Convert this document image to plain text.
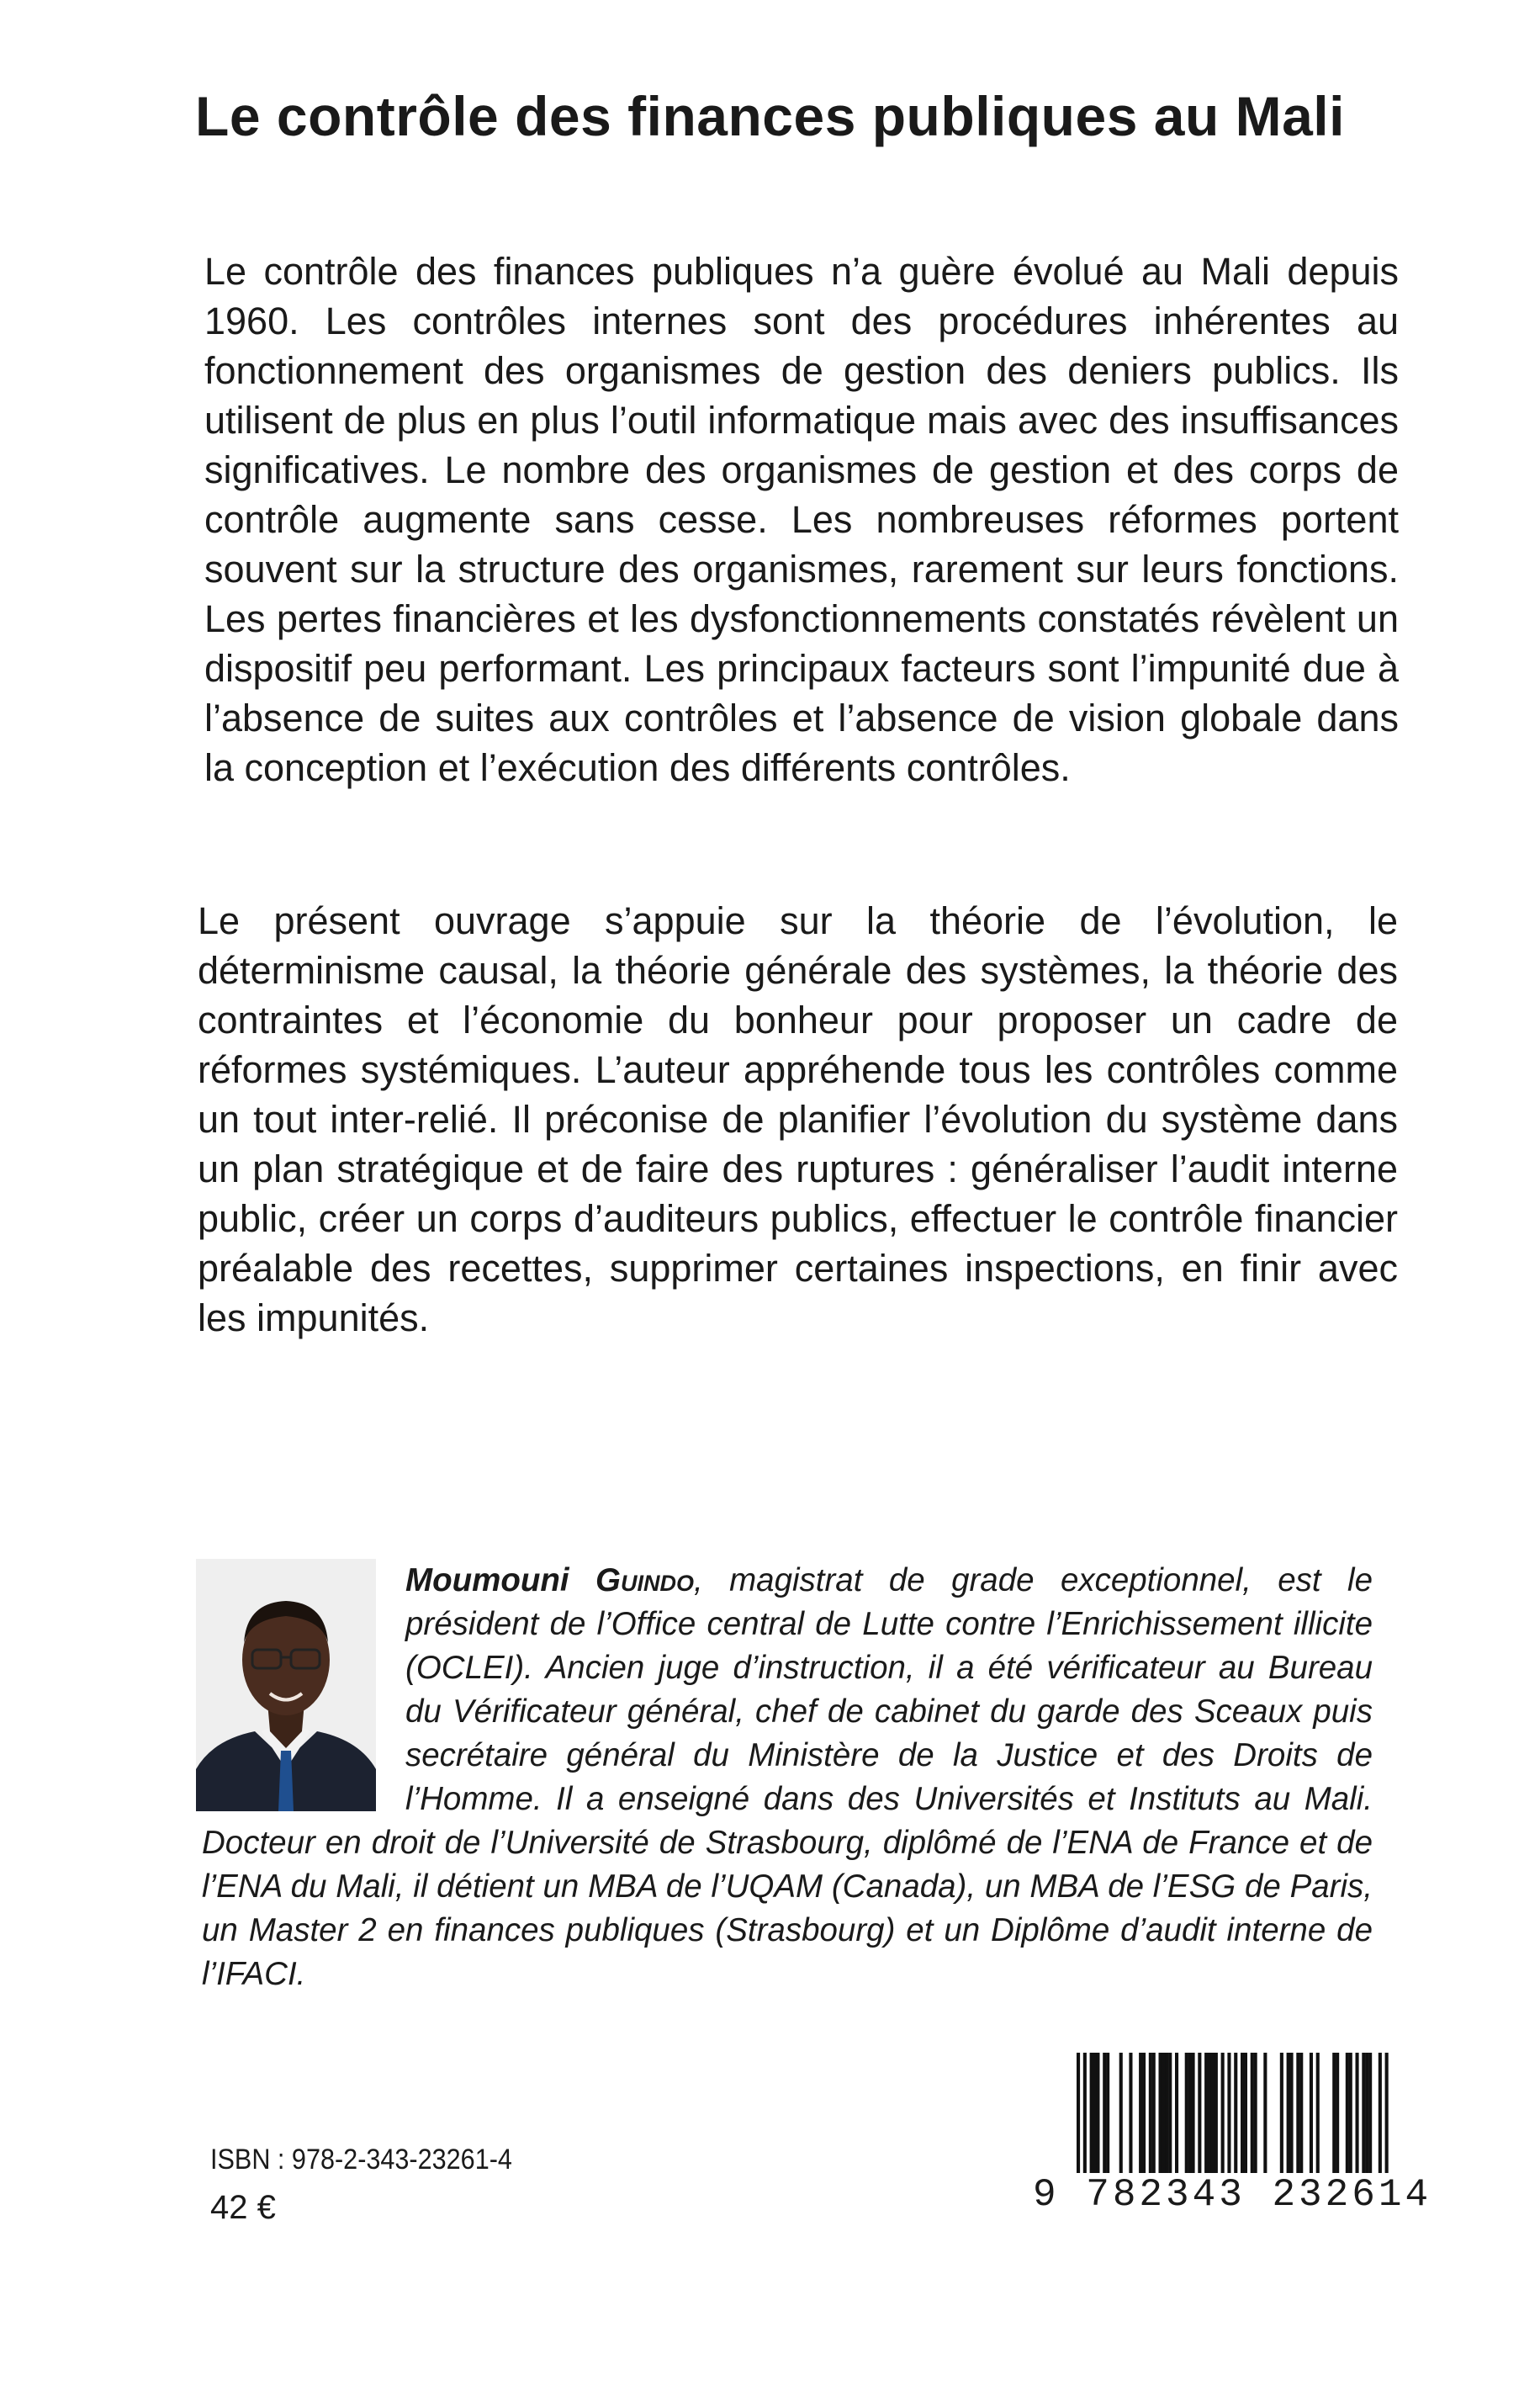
Le contrôle des finances publiques au Mali

Le contrôle des finances publiques n’a guère évolué au Mali depuis 1960. Les contrôles internes sont des procédures inhérentes au fonctionnement des organismes de gestion des deniers publics. Ils utilisent de plus en plus l’outil informatique mais avec des insuffisances significatives. Le nombre des organismes de gestion et des corps de contrôle augmente sans cesse. Les nombreuses réformes portent souvent sur la structure des organismes, rarement sur leurs fonctions. Les pertes financières et les dysfonctionnements constatés révèlent un dispositif peu performant. Les principaux facteurs sont l’impunité due à l’absence de suites aux contrôles et l’absence de vision globale dans la conception et l’exécution des différents contrôles.

Le présent ouvrage s’appuie sur la théorie de l’évolution, le déterminisme causal, la théorie générale des systèmes, la théorie des contraintes et l’économie du bonheur pour proposer un cadre de réformes systémiques. L’auteur appréhende tous les contrôles comme un tout inter-relié. Il préconise de planifier l’évolution du système dans un plan stratégique et de faire des ruptures : généraliser l’audit interne public, créer un corps d’auditeurs publics, effectuer le contrôle financier préalable des recettes, supprimer certaines inspections, en finir avec les impunités.

Moumouni Guindo, magistrat de grade exceptionnel, est le président de l’Office central de Lutte contre l’Enrichissement illicite (OCLEI). Ancien juge d’instruction, il a été vérificateur au Bureau du Vérificateur général, chef de cabinet du garde des Sceaux puis secrétaire général du Ministère de la Justice et des Droits de l’Homme. Il a enseigné dans des Universités et Instituts au Mali. Docteur en droit de l’Université de Strasbourg, diplômé de l’ENA de France et de l’ENA du Mali, il détient un MBA de l’UQAM (Canada), un MBA de l’ESG de Paris, un Master 2 en finances publiques (Strasbourg) et un Diplôme d’audit interne de l’IFACI.
9 782343 232614
ISBN : 978-2-343-23261-4
42 €
